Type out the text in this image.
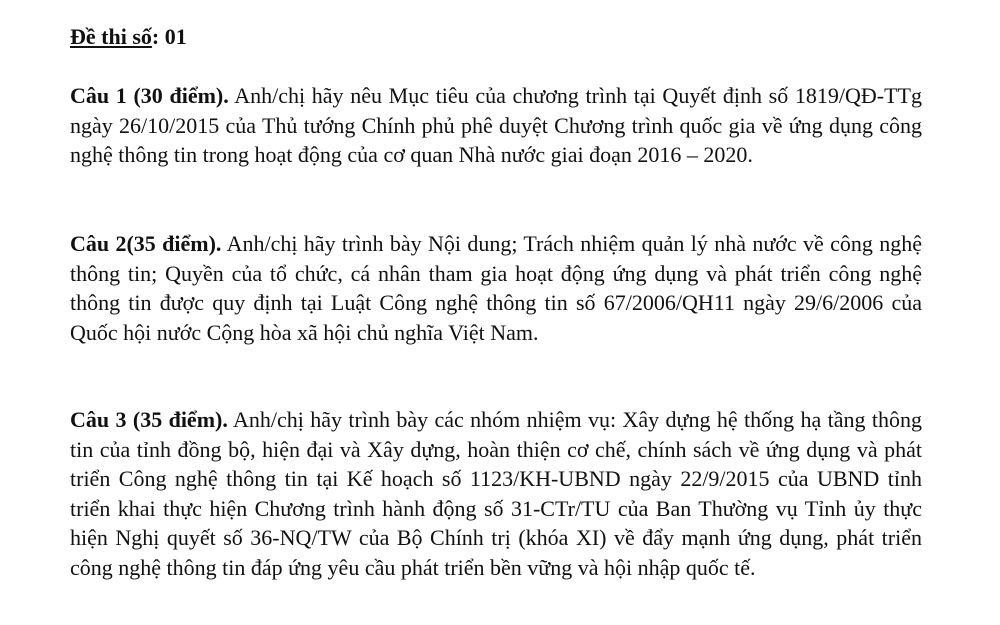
Đề thi số: 01

Câu 1 (30 điểm). Anh/chị hãy nêu Mục tiêu của chương trình tại Quyết định số 1819/QĐ-TTg ngày 26/10/2015 của Thủ tướng Chính phủ phê duyệt Chương trình quốc gia về ứng dụng công nghệ thông tin trong hoạt động của cơ quan Nhà nước giai đoạn 2016 – 2020.

Câu 2(35 điểm). Anh/chị hãy trình bày Nội dung; Trách nhiệm quản lý nhà nước về công nghệ thông tin; Quyền của tổ chức, cá nhân tham gia hoạt động ứng dụng và phát triển công nghệ thông tin được quy định tại Luật Công nghệ thông tin số 67/2006/QH11 ngày 29/6/2006 của Quốc hội nước Cộng hòa xã hội chủ nghĩa Việt Nam.

Câu 3 (35 điểm). Anh/chị hãy trình bày các nhóm nhiệm vụ: Xây dựng hệ thống hạ tầng thông tin của tỉnh đồng bộ, hiện đại và Xây dựng, hoàn thiện cơ chế, chính sách về ứng dụng và phát triển Công nghệ thông tin tại Kế hoạch số 1123/KH-UBND ngày 22/9/2015 của UBND tỉnh triển khai thực hiện Chương trình hành động số 31-CTr/TU của Ban Thường vụ Tỉnh ủy thực hiện Nghị quyết số 36-NQ/TW của Bộ Chính trị (khóa XI) về đẩy mạnh ứng dụng, phát triển công nghệ thông tin đáp ứng yêu cầu phát triển bền vững và hội nhập quốc tế.
